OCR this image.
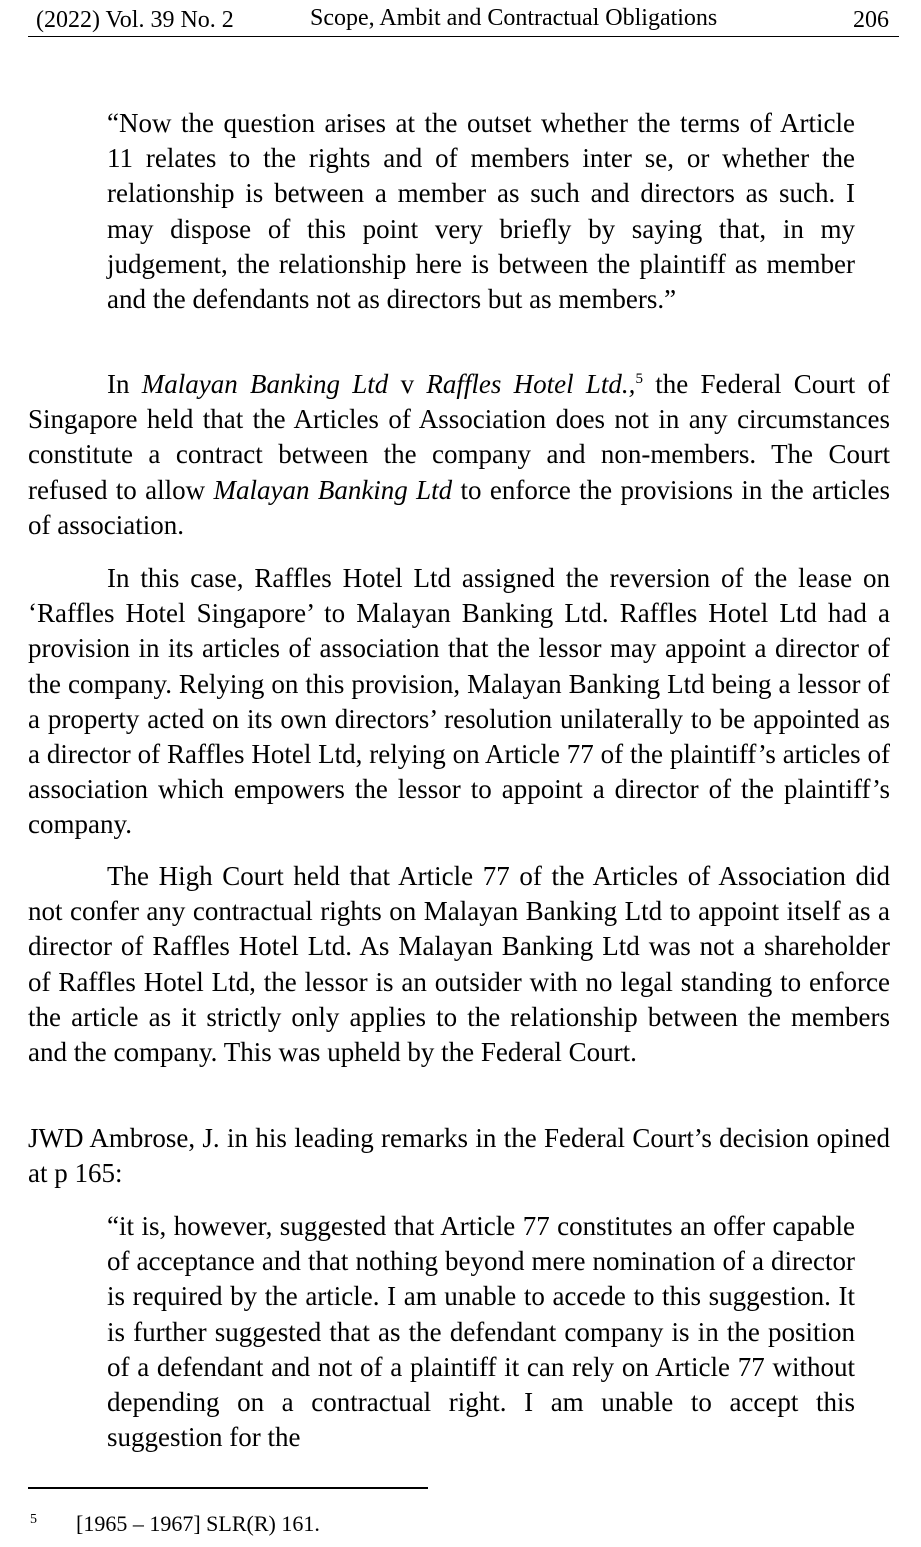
(2022) Vol. 39 No. 2	Scope, Ambit and Contractual Obligations	206

“Now the question arises at the outset whether the terms of Article 11 relates to the rights and of members inter se, or whether the relationship is between a member as such and directors as such. I may dispose of this point very briefly by saying that, in my judgement, the relationship here is between the plaintiff as member and the defendants not as directors but as members.”

In Malayan Banking Ltd v Raffles Hotel Ltd.,$^5$ the Federal Court of Singapore held that the Articles of Association does not in any circumstances constitute a contract between the company and non-members. The Court refused to allow Malayan Banking Ltd to enforce the provisions in the articles of association.

In this case, Raffles Hotel Ltd assigned the reversion of the lease on ‘Raffles Hotel Singapore’ to Malayan Banking Ltd. Raffles Hotel Ltd had a provision in its articles of association that the lessor may appoint a director of the company. Relying on this provision, Malayan Banking Ltd being a lessor of a property acted on its own directors’ resolution unilaterally to be appointed as a director of Raffles Hotel Ltd, relying on Article 77 of the plaintiff’s articles of association which empowers the lessor to appoint a director of the plaintiff’s company.

The High Court held that Article 77 of the Articles of Association did not confer any contractual rights on Malayan Banking Ltd to appoint itself as a director of Raffles Hotel Ltd. As Malayan Banking Ltd was not a shareholder of Raffles Hotel Ltd, the lessor is an outsider with no legal standing to enforce the article as it strictly only applies to the relationship between the members and the company. This was upheld by the Federal Court.

JWD Ambrose, J. in his leading remarks in the Federal Court’s decision opined at p 165:

“it is, however, suggested that Article 77 constitutes an offer capable of acceptance and that nothing beyond mere nomination of a director is required by the article. I am unable to accede to this suggestion. It is further suggested that as the defendant company is in the position of a defendant and not of a plaintiff it can rely on Article 77 without depending on a contractual right. I am unable to accept this suggestion for the

5 [1965 – 1967] SLR(R) 161.
